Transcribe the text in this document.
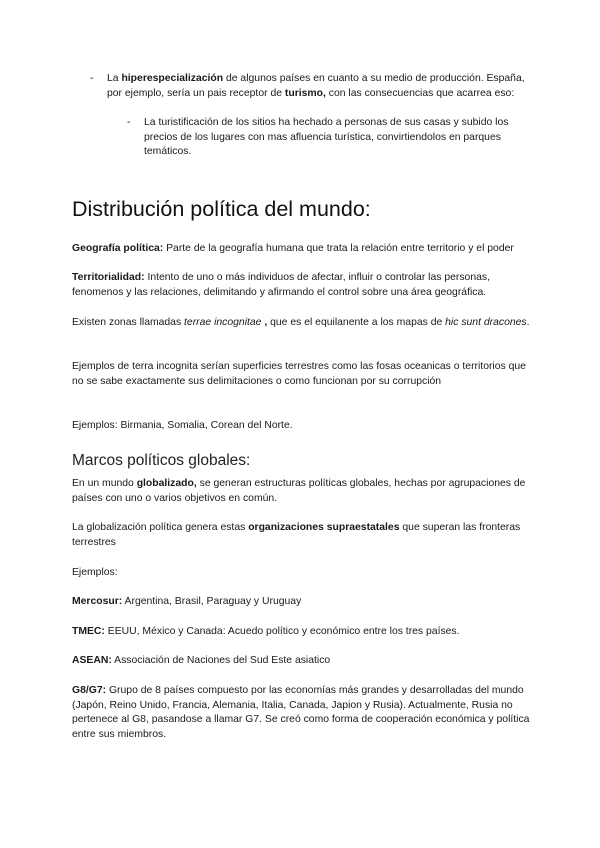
- La hiperespecialización de algunos países en cuanto a su medio de producción. España, por ejemplo, sería un pais receptor de turismo, con las consecuencias que acarrea eso:

- La turistificación de los sitios ha hechado a personas de sus casas y subido los precios de los lugares con mas afluencia turística, convirtiendolos en parques temáticos.

Distribución política del mundo:

Geografía política: Parte de la geografía humana que trata la relación entre territorio y el poder

Territorialidad: Intento de uno o más individuos de afectar, influir o controlar las personas, fenomenos y las relaciones, delimitando y afirmando el control sobre una área geográfica.

Existen zonas llamadas terrae incognitae , que es el equilanente a los mapas de hic sunt dracones.

Ejemplos de terra incognita serían superficies terrestres como las fosas oceanicas o territorios que no se sabe exactamente sus delimitaciones o como funcionan por su corrupción

Ejemplos: Birmania, Somalia, Corean del Norte.

Marcos políticos globales:

En un mundo globalizado, se generan estructuras políticas globales, hechas por agrupaciones de países con uno o varios objetivos en común.

La globalización política genera estas organizaciones supraestatales que superan las fronteras terrestres

Ejemplos:

Mercosur: Argentina, Brasil, Paraguay y Uruguay

TMEC: EEUU, México y Canada: Acuedo político y económico entre los tres países.

ASEAN: Associación de Naciones del Sud Este asiatico

G8/G7: Grupo de 8 países compuesto por las economías más grandes y desarrolladas del mundo (Japón, Reino Unido, Francia, Alemania, Italia, Canada, Japion y Rusia). Actualmente, Rusia no pertenece al G8, pasandose a llamar G7. Se creó como forma de cooperación económica y política entre sus miembros.
